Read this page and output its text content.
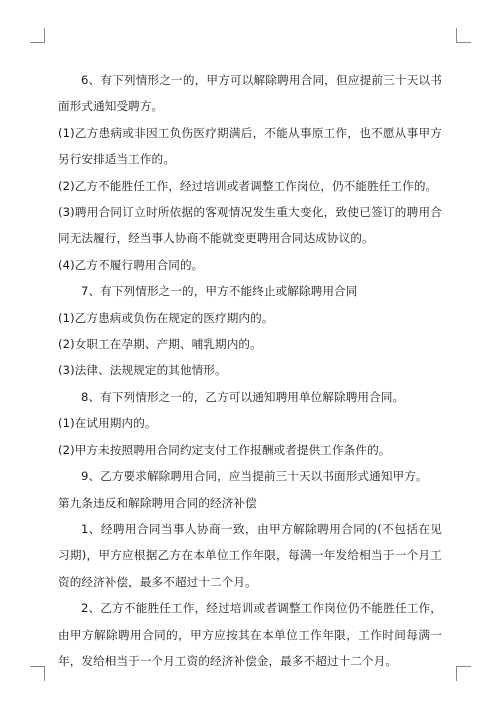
6、有下列情形之一的，甲方可以解除聘用合同，但应提前三十天以书面形式通知受聘方。

(1)乙方患病或非因工负伤医疗期满后，不能从事原工作，也不愿从事甲方另行安排适当工作的。

(2)乙方不能胜任工作，经过培训或者调整工作岗位，仍不能胜任工作的。

(3)聘用合同订立时所依据的客观情况发生重大变化，致使已签订的聘用合同无法履行，经当事人协商不能就变更聘用合同达成协议的。

(4)乙方不履行聘用合同的。

7、有下列情形之一的，甲方不能终止或解除聘用合同

(1)乙方患病或负伤在规定的医疗期内的。

(2)女职工在孕期、产期、哺乳期内的。

(3)法律、法规规定的其他情形。

8、有下列情形之一的，乙方可以通知聘用单位解除聘用合同。

(1)在试用期内的。

(2)甲方未按照聘用合同约定支付工作报酬或者提供工作条件的。

9、乙方要求解除聘用合同，应当提前三十天以书面形式通知甲方。

第九条违反和解除聘用合同的经济补偿

1、经聘用合同当事人协商一致，由甲方解除聘用合同的(不包括在见习期)，甲方应根据乙方在本单位工作年限，每满一年发给相当于一个月工资的经济补偿，最多不超过十二个月。

2、乙方不能胜任工作，经过培训或者调整工作岗位仍不能胜任工作，由甲方解除聘用合同的，甲方应按其在本单位工作年限，工作时间每满一年，发给相当于一个月工资的经济补偿金，最多不超过十二个月。
